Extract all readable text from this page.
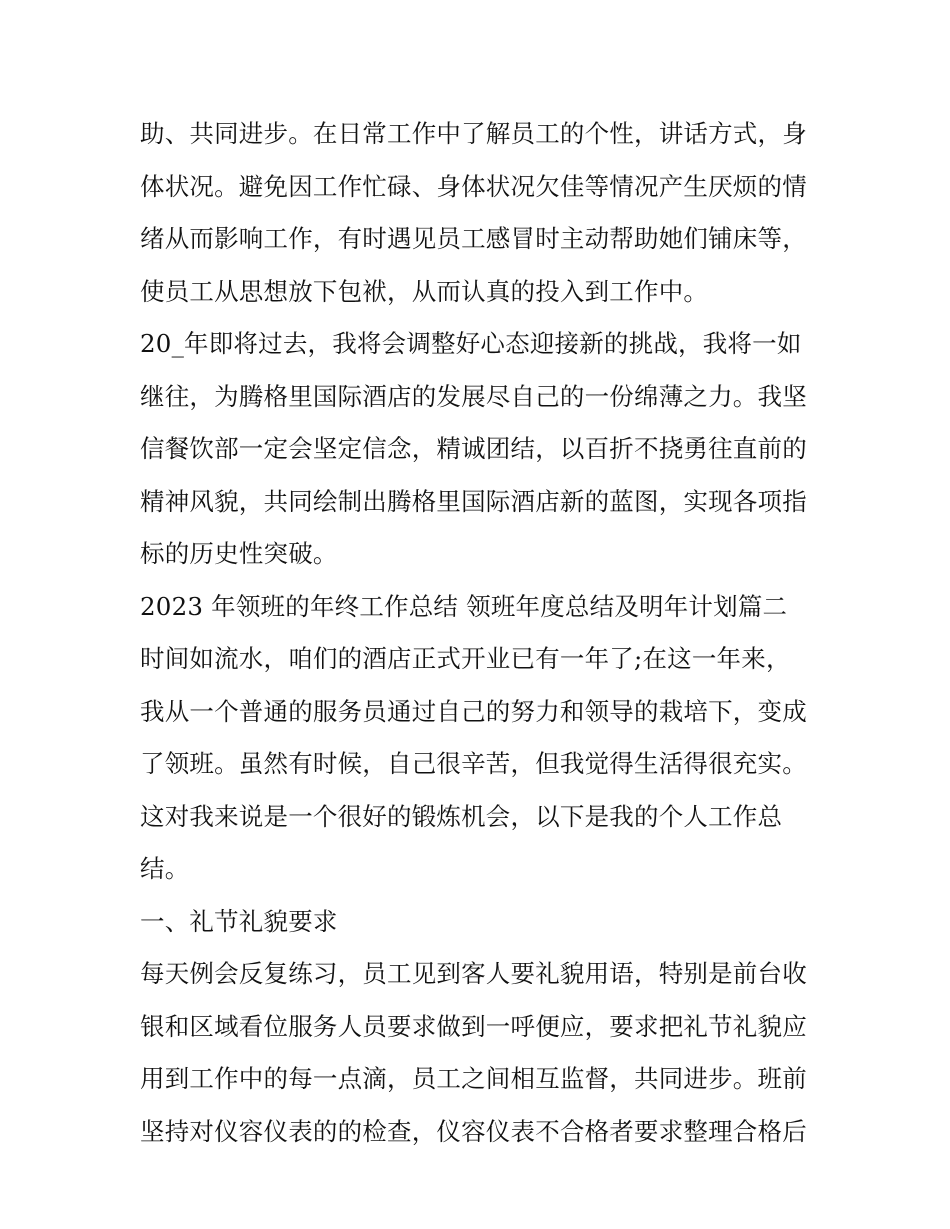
助、共同进步。在日常工作中了解员工的个性，讲话方式，身
体状况。避免因工作忙碌、身体状况欠佳等情况产生厌烦的情
绪从而影响工作，有时遇见员工感冒时主动帮助她们铺床等，
使员工从思想放下包袱，从而认真的投入到工作中。
20_年即将过去，我将会调整好心态迎接新的挑战，我将一如
继往，为腾格里国际酒店的发展尽自己的一份绵薄之力。我坚
信餐饮部一定会坚定信念，精诚团结，以百折不挠勇往直前的
精神风貌，共同绘制出腾格里国际酒店新的蓝图，实现各项指
标的历史性突破。
2023 年领班的年终工作总结 领班年度总结及明年计划篇二
时间如流水，咱们的酒店正式开业已有一年了;在这一年来，
我从一个普通的服务员通过自己的努力和领导的栽培下，变成
了领班。虽然有时候，自己很辛苦，但我觉得生活得很充实。
这对我来说是一个很好的锻炼机会，以下是我的个人工作总
结。
一、礼节礼貌要求
每天例会反复练习，员工见到客人要礼貌用语，特别是前台收
银和区域看位服务人员要求做到一呼便应，要求把礼节礼貌应
用到工作中的每一点滴，员工之间相互监督，共同进步。班前
坚持对仪容仪表的的检查，仪容仪表不合格者要求整理合格后
